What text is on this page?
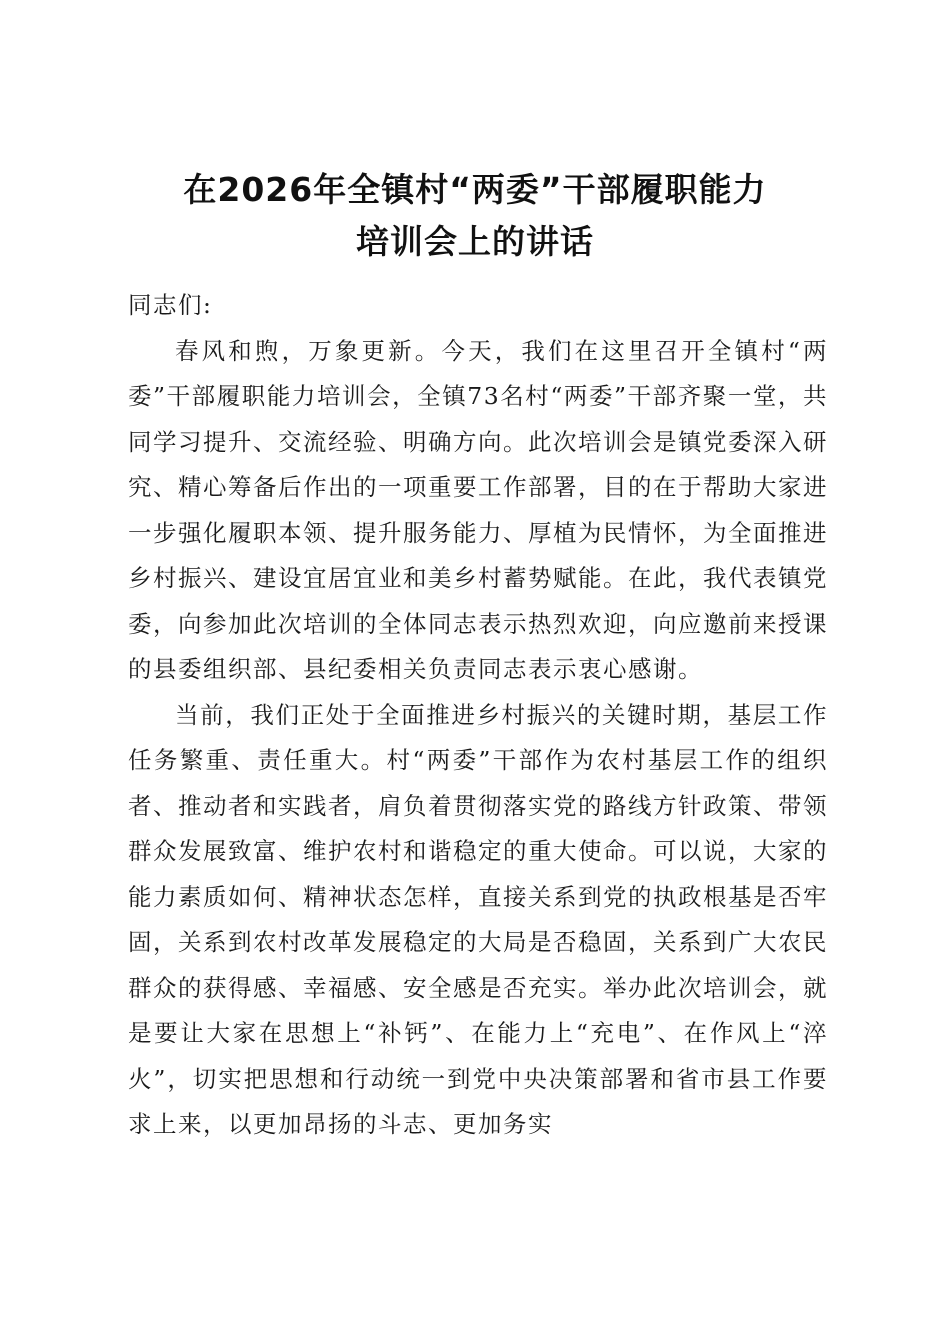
在2026年全镇村“两委”干部履职能力
培训会上的讲话

同志们:

春风和煦，万象更新。今天，我们在这里召开全镇村“两委”干部履职能力培训会，全镇73名村“两委”干部齐聚一堂，共同学习提升、交流经验、明确方向。此次培训会是镇党委深入研究、精心筹备后作出的一项重要工作部署，目的在于帮助大家进一步强化履职本领、提升服务能力、厚植为民情怀，为全面推进乡村振兴、建设宜居宜业和美乡村蓄势赋能。在此，我代表镇党委，向参加此次培训的全体同志表示热烈欢迎，向应邀前来授课的县委组织部、县纪委相关负责同志表示衷心感谢。

当前，我们正处于全面推进乡村振兴的关键时期，基层工作任务繁重、责任重大。村“两委”干部作为农村基层工作的组织者、推动者和实践者，肩负着贯彻落实党的路线方针政策、带领群众发展致富、维护农村和谐稳定的重大使命。可以说，大家的能力素质如何、精神状态怎样，直接关系到党的执政根基是否牢固，关系到农村改革发展稳定的大局是否稳固，关系到广大农民群众的获得感、幸福感、安全感是否充实。举办此次培训会，就是要让大家在思想上“补钙”、在能力上“充电”、在作风上“淬火”，切实把思想和行动统一到党中央决策部署和省市县工作要求上来，以更加昂扬的斗志、更加务实
